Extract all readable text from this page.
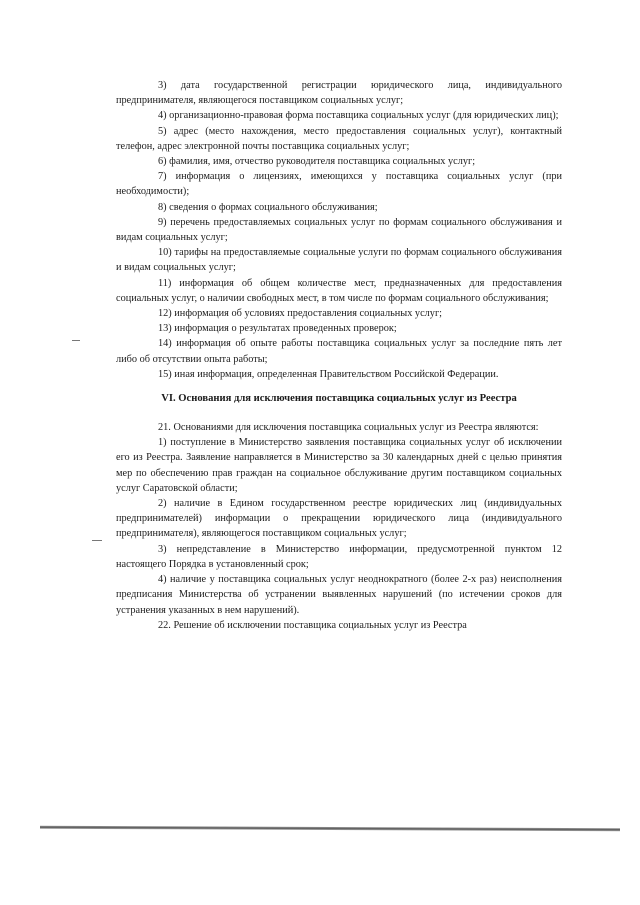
3) дата государственной регистрации юридического лица, индивидуального предпринимателя, являющегося поставщиком социальных услуг;

4) организационно-правовая форма поставщика социальных услуг (для юридических лиц);

5) адрес (место нахождения, место предоставления социальных услуг), контактный телефон, адрес электронной почты поставщика социальных услуг;

6) фамилия, имя, отчество руководителя поставщика социальных услуг;

7) информация о лицензиях, имеющихся у поставщика социальных услуг (при необходимости);

8) сведения о формах социального обслуживания;

9) перечень предоставляемых социальных услуг по формам социального обслуживания и видам социальных услуг;

10) тарифы на предоставляемые социальные услуги по формам социального обслуживания и видам социальных услуг;

11) информация об общем количестве мест, предназначенных для предоставления социальных услуг, о наличии свободных мест, в том числе по формам социального обслуживания;

12) информация об условиях предоставления социальных услуг;

13) информация о результатах проведенных проверок;

14) информация об опыте работы поставщика социальных услуг за последние пять лет либо об отсутствии опыта работы;

15) иная информация, определенная Правительством Российской Федерации.

VI. Основания для исключения поставщика социальных услуг из Реестра

21. Основаниями для исключения поставщика социальных услуг из Реестра являются:

1) поступление в Министерство заявления поставщика социальных услуг об исключении его из Реестра. Заявление направляется в Министерство за 30 календарных дней с целью принятия мер по обеспечению прав граждан на социальное обслуживание другим поставщиком социальных услуг Саратовской области;

2) наличие в Едином государственном реестре юридических лиц (индивидуальных предпринимателей) информации о прекращении юридического лица (индивидуального предпринимателя), являющегося поставщиком социальных услуг;

3) непредставление в Министерство информации, предусмотренной пунктом 12 настоящего Порядка в установленный срок;

4) наличие у поставщика социальных услуг неоднократного (более 2-х раз) неисполнения предписания Министерства об устранении выявленных нарушений (по истечении сроков для устранения указанных в нем нарушений).

22. Решение об исключении поставщика социальных услуг из Реестра
